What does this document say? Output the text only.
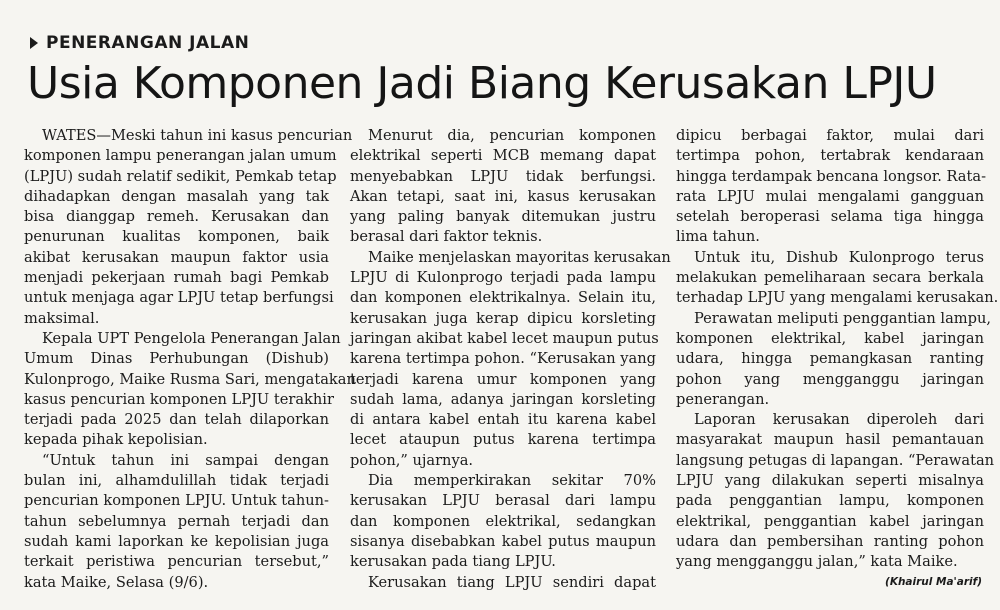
PENERANGAN JALAN
Usia Komponen Jadi Biang Kerusakan LPJU
WATES—Meski tahun ini kasus pencurian
komponen lampu penerangan jalan umum
(LPJU) sudah relatif sedikit, Pemkab tetap
dihadapkan dengan masalah yang tak
bisa dianggap remeh. Kerusakan dan
penurunan kualitas komponen, baik
akibat kerusakan maupun faktor usia
menjadi pekerjaan rumah bagi Pemkab
untuk menjaga agar LPJU tetap berfungsi
maksimal.
Kepala UPT Pengelola Penerangan Jalan
Umum Dinas Perhubungan (Dishub)
Kulonprogo, Maike Rusma Sari, mengatakan
kasus pencurian komponen LPJU terakhir
terjadi pada 2025 dan telah dilaporkan
kepada pihak kepolisian.
“Untuk tahun ini sampai dengan
bulan ini, alhamdulillah tidak terjadi
pencurian komponen LPJU. Untuk tahun-
tahun sebelumnya pernah terjadi dan
sudah kami laporkan ke kepolisian juga
terkait peristiwa pencurian tersebut,”
kata Maike, Selasa (9/6).
Menurut dia, pencurian komponen
elektrikal seperti MCB memang dapat
menyebabkan LPJU tidak berfungsi.
Akan tetapi, saat ini, kasus kerusakan
yang paling banyak ditemukan justru
berasal dari faktor teknis.
Maike menjelaskan mayoritas kerusakan
LPJU di Kulonprogo terjadi pada lampu
dan komponen elektrikalnya. Selain itu,
kerusakan juga kerap dipicu korsleting
jaringan akibat kabel lecet maupun putus
karena tertimpa pohon. “Kerusakan yang
terjadi karena umur komponen yang
sudah lama, adanya jaringan korsleting
di antara kabel entah itu karena kabel
lecet ataupun putus karena tertimpa
pohon,” ujarnya.
Dia memperkirakan sekitar 70%
kerusakan LPJU berasal dari lampu
dan komponen elektrikal, sedangkan
sisanya disebabkan kabel putus maupun
kerusakan pada tiang LPJU.
Kerusakan tiang LPJU sendiri dapat
dipicu berbagai faktor, mulai dari
tertimpa pohon, tertabrak kendaraan
hingga terdampak bencana longsor. Rata-
rata LPJU mulai mengalami gangguan
setelah beroperasi selama tiga hingga
lima tahun.
Untuk itu, Dishub Kulonprogo terus
melakukan pemeliharaan secara berkala
terhadap LPJU yang mengalami kerusakan.
Perawatan meliputi penggantian lampu,
komponen elektrikal, kabel jaringan
udara, hingga pemangkasan ranting
pohon yang mengganggu jaringan
penerangan.
Laporan kerusakan diperoleh dari
masyarakat maupun hasil pemantauan
langsung petugas di lapangan. “Perawatan
LPJU yang dilakukan seperti misalnya
pada penggantian lampu, komponen
elektrikal, penggantian kabel jaringan
udara dan pembersihan ranting pohon
yang mengganggu jalan,” kata Maike.
(Khairul Ma'arif)
